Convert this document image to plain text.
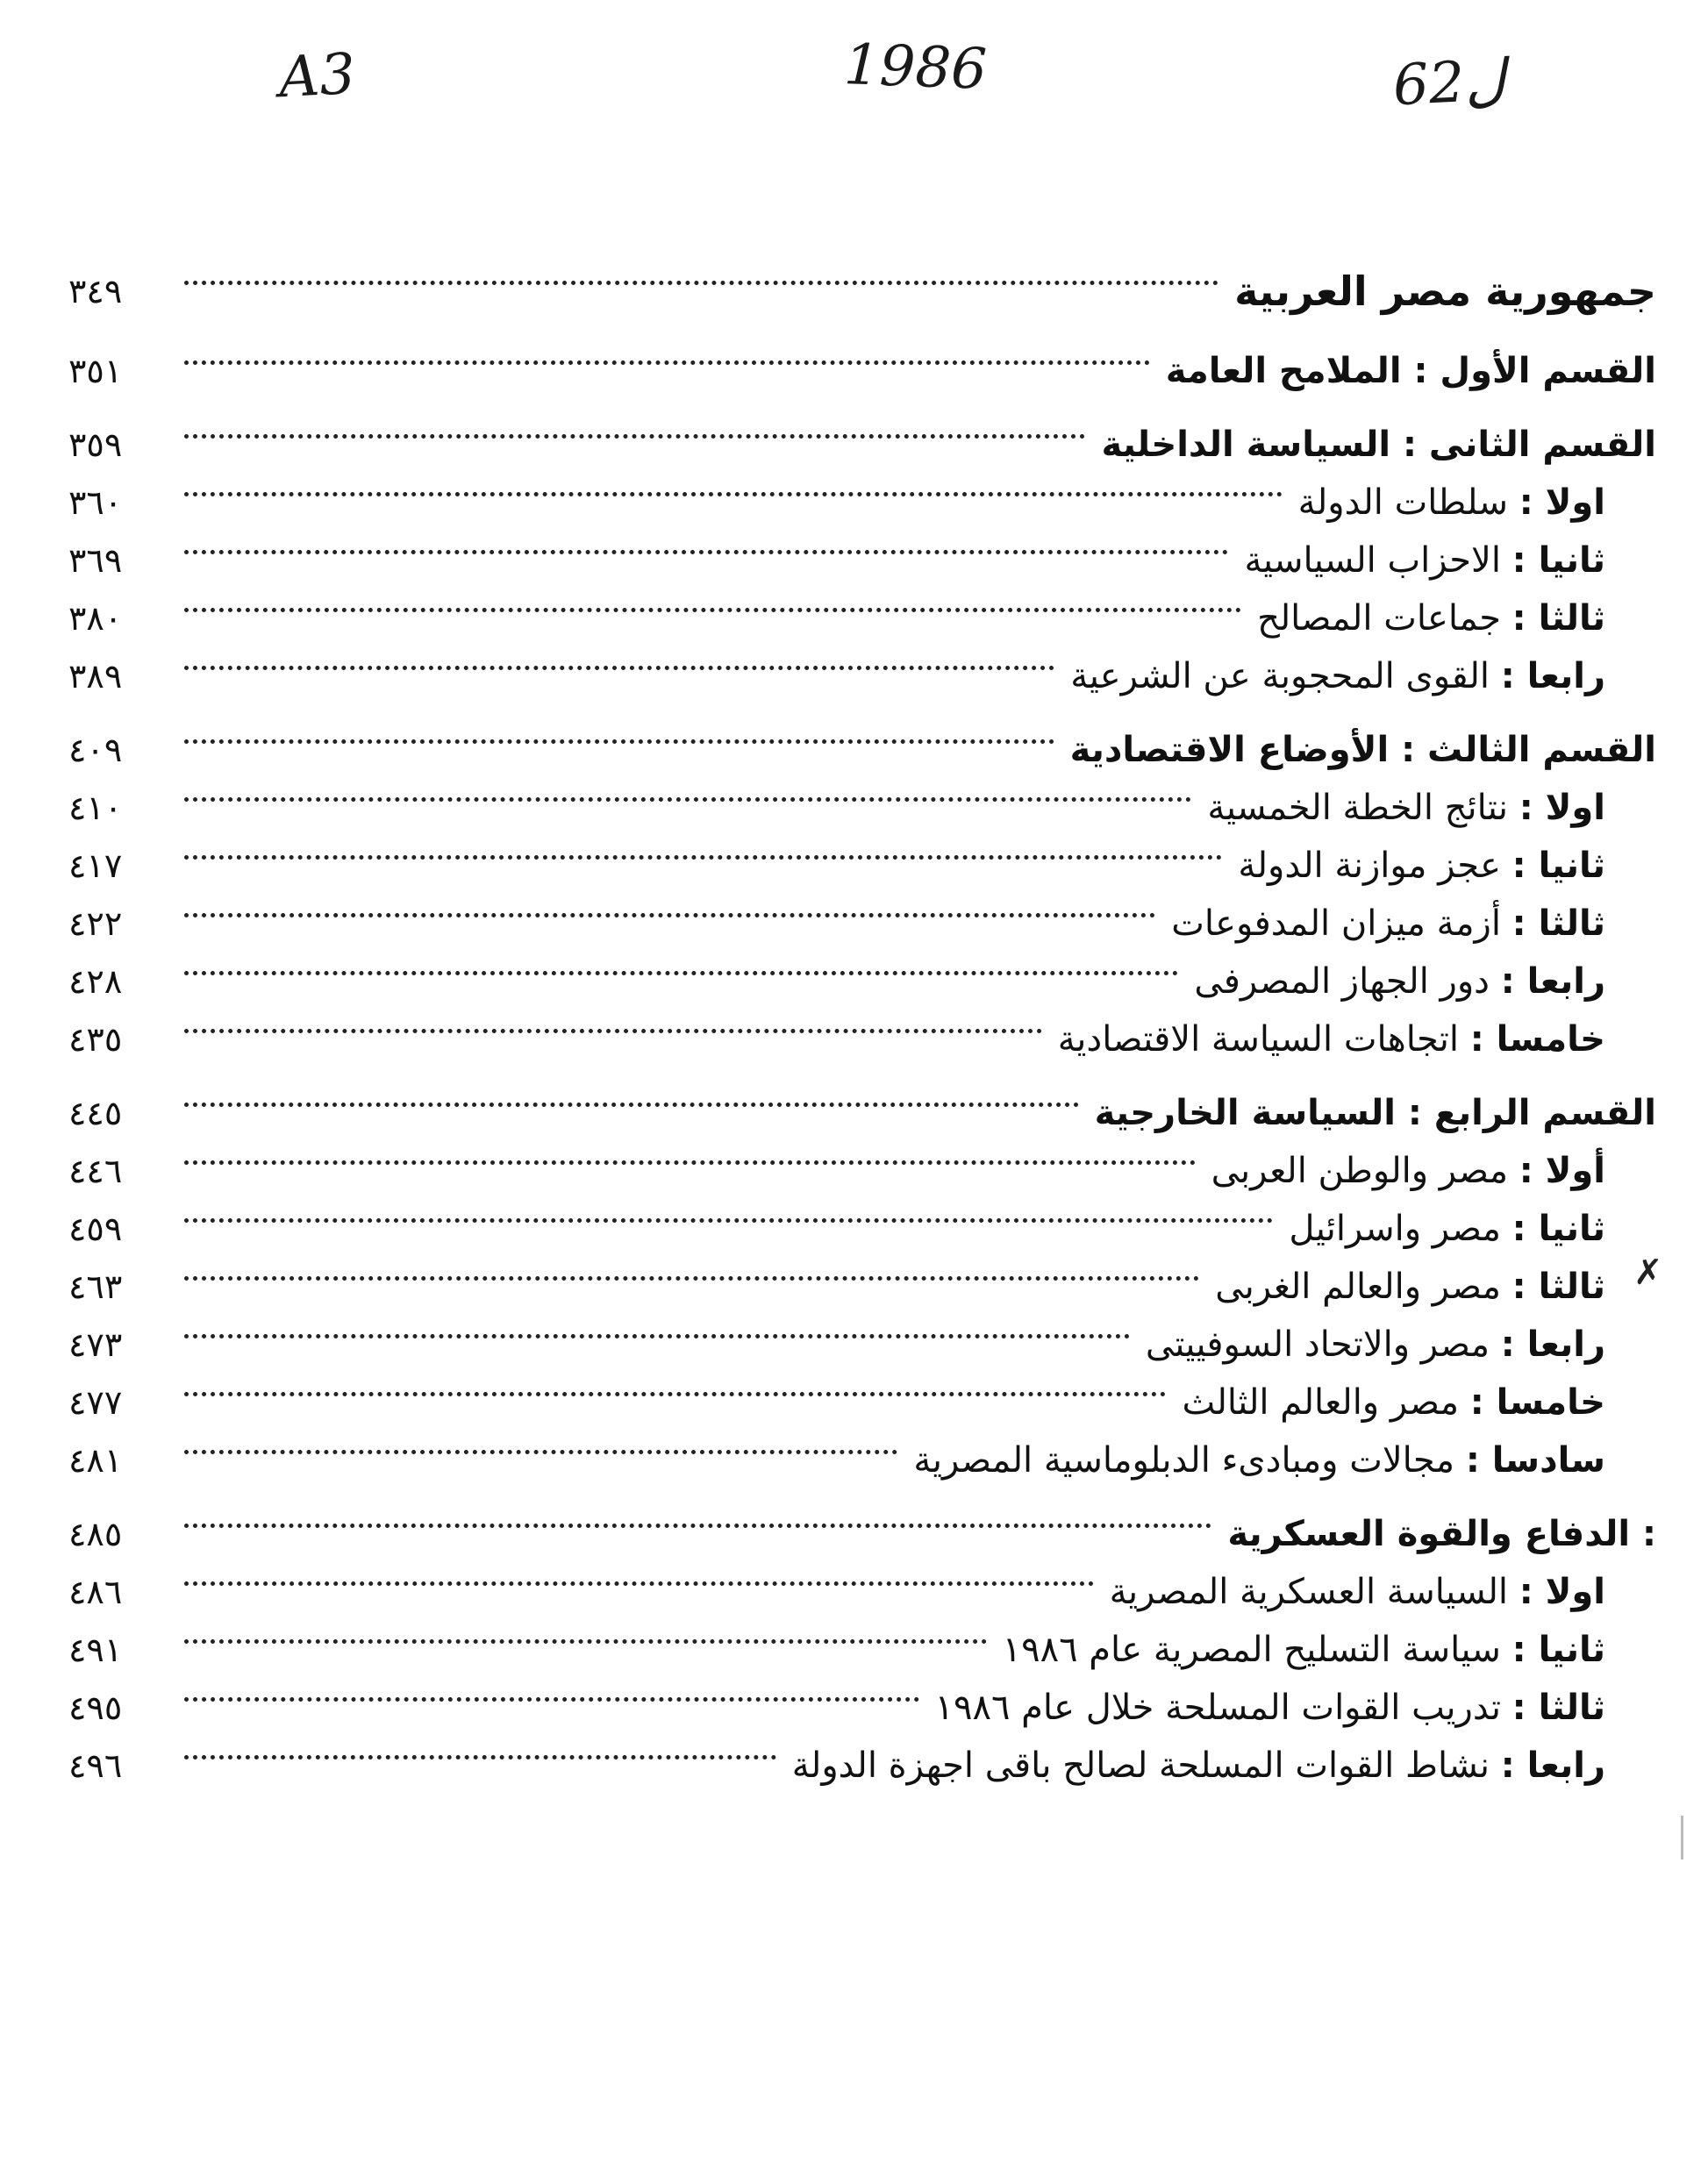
A3	1986	62ل
جمهورية مصر العربية
٣٤٩
القسم الأول : الملامح العامة
٣٥١
القسم الثانى : السياسة الداخلية
٣٥٩
اولا : سلطات الدولة
٣٦٠
ثانيا : الاحزاب السياسية
٣٦٩
ثالثا : جماعات المصالح
٣٨٠
رابعا : القوى المحجوبة عن الشرعية
٣٨٩
القسم الثالث : الأوضاع الاقتصادية
٤٠٩
اولا : نتائج الخطة الخمسية
٤١٠
ثانيا : عجز موازنة الدولة
٤١٧
ثالثا : أزمة ميزان المدفوعات
٤٢٢
رابعا : دور الجهاز المصرفى
٤٢٨
خامسا : اتجاهات السياسة الاقتصادية
٤٣٥
القسم الرابع : السياسة الخارجية
٤٤٥
أولا : مصر والوطن العربى
٤٤٦
ثانيا : مصر واسرائيل
٤٥٩
ثالثا : مصر والعالم الغربى
٤٦٣
رابعا : مصر والاتحاد السوفييتى
٤٧٣
خامسا : مصر والعالم الثالث
٤٧٧
سادسا : مجالات ومبادىء الدبلوماسية المصرية
٤٨١
: الدفاع والقوة العسكرية
٤٨٥
اولا : السياسة العسكرية المصرية
٤٨٦
ثانيا : سياسة التسليح المصرية عام ١٩٨٦
٤٩١
ثالثا : تدريب القوات المسلحة خلال عام ١٩٨٦
٤٩٥
رابعا : نشاط القوات المسلحة لصالح باقى اجهزة الدولة
٤٩٦
✗
